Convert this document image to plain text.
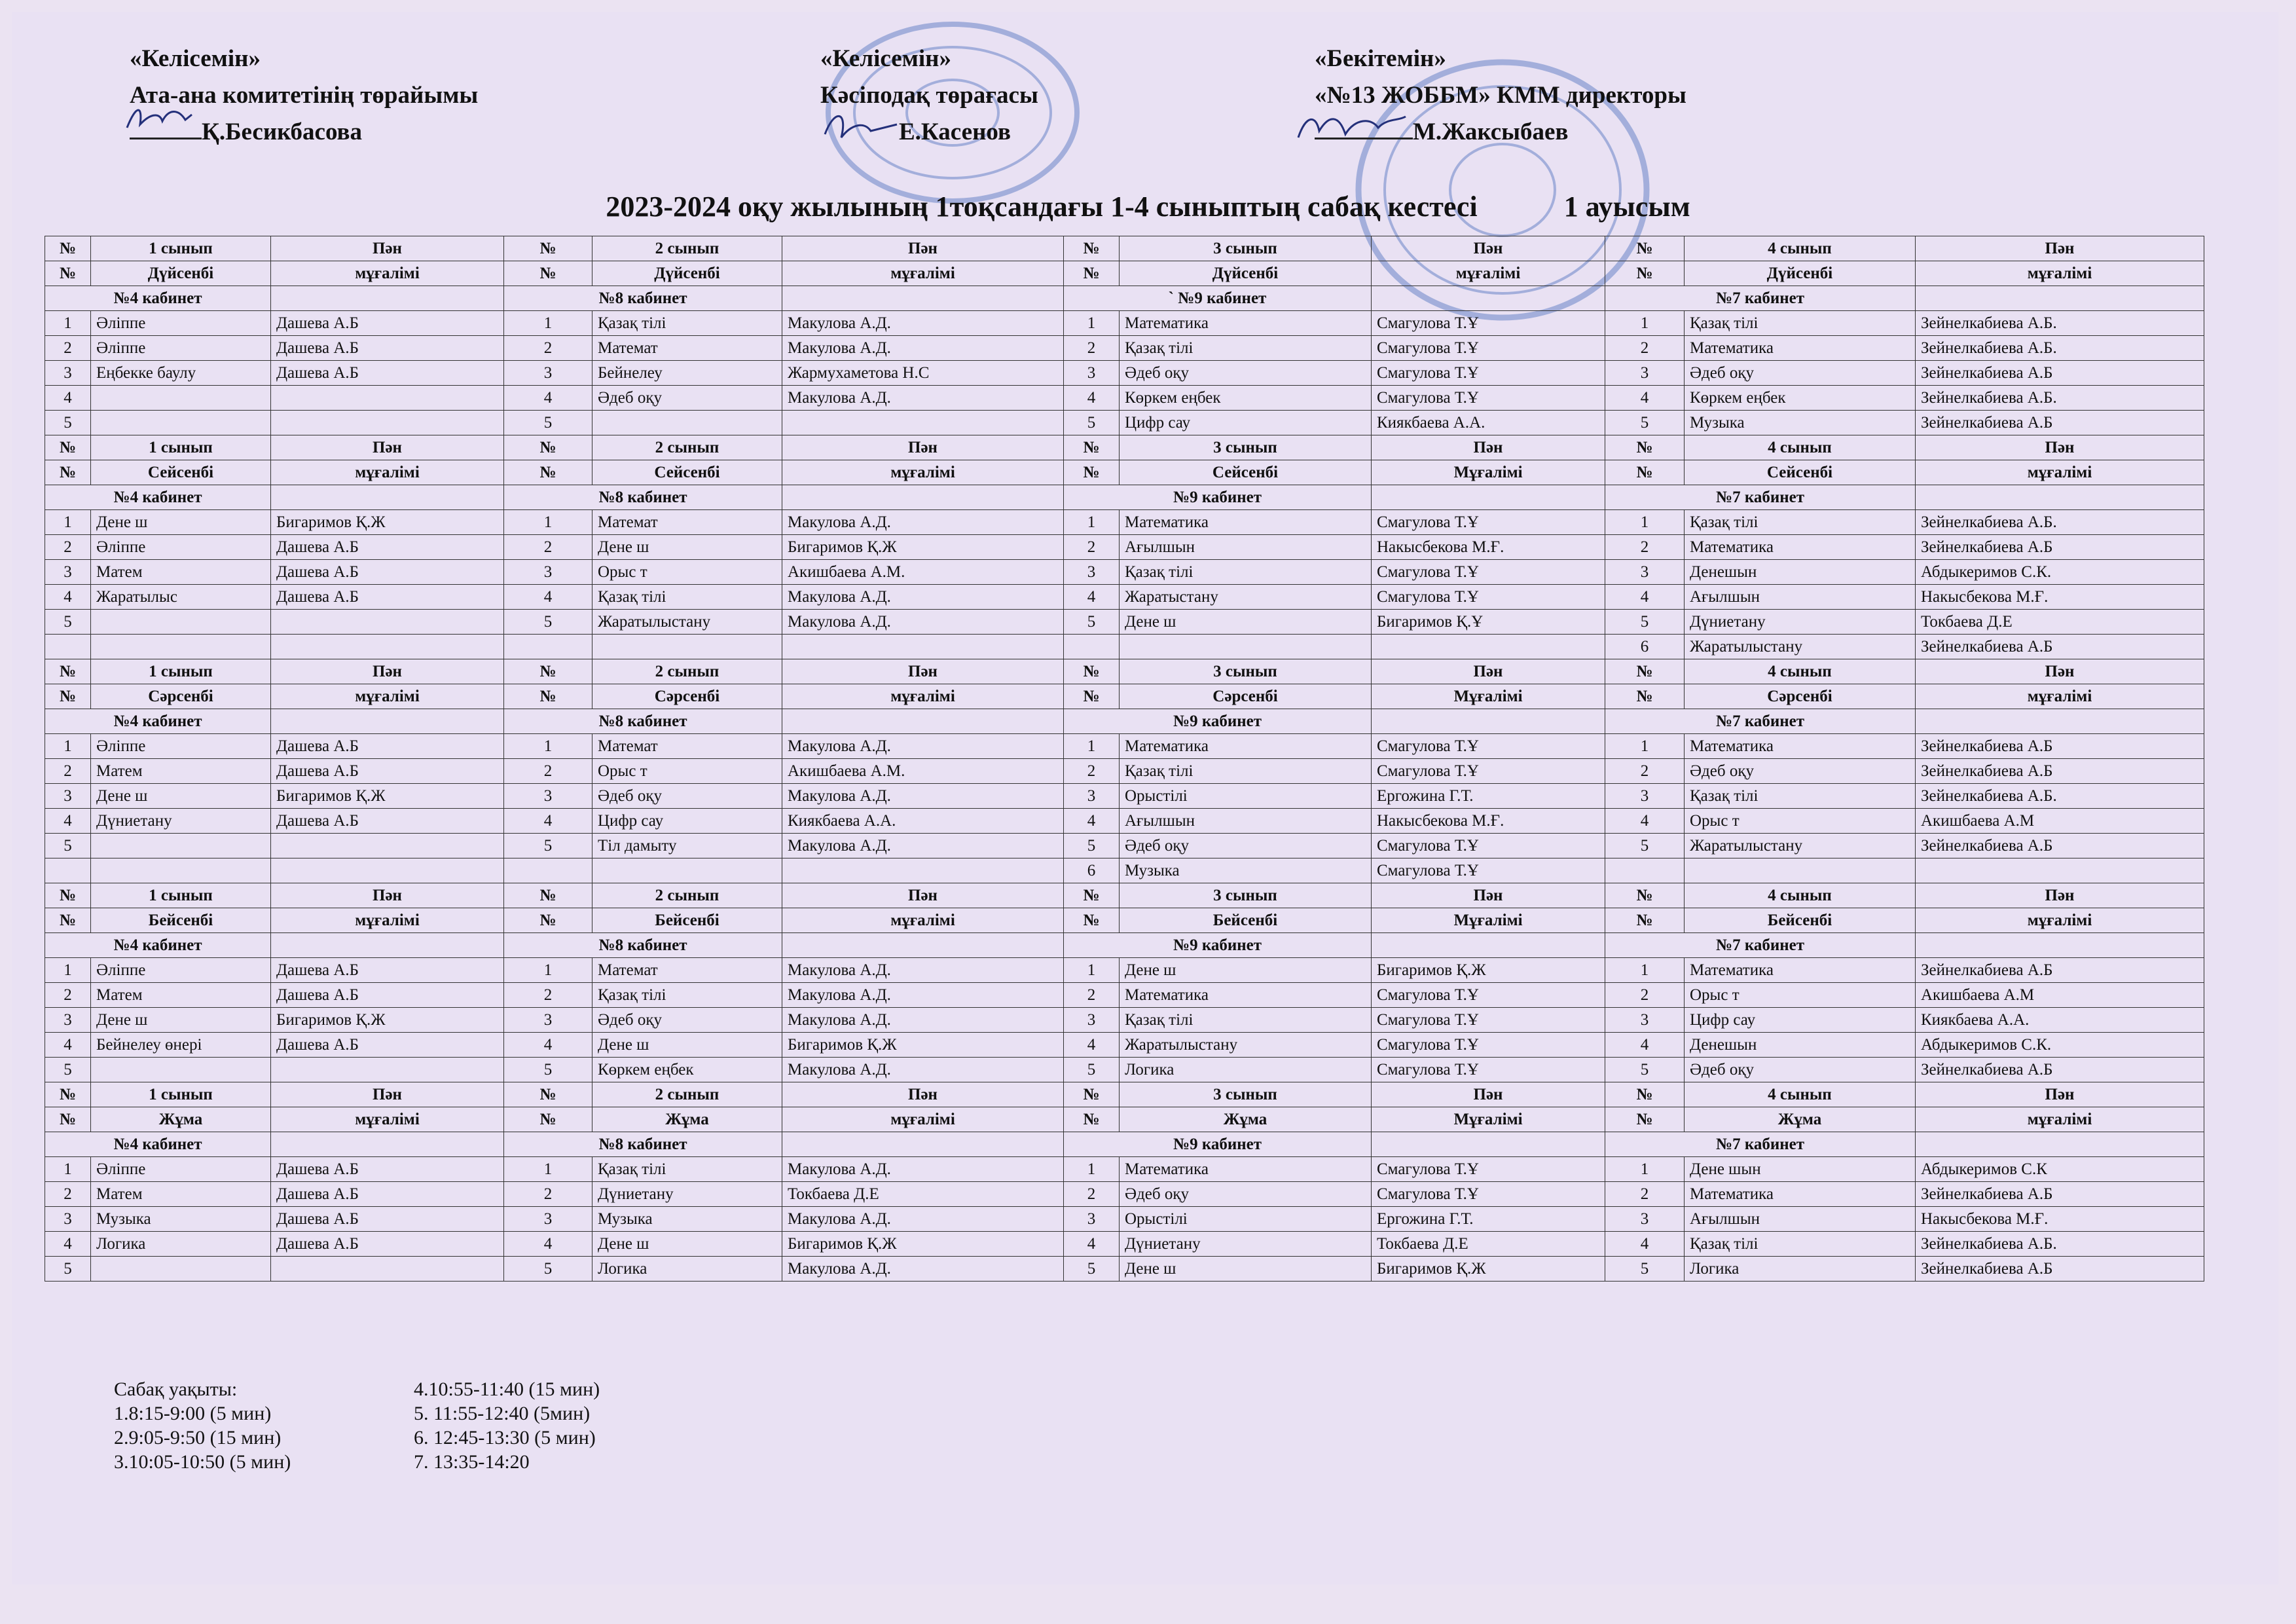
«Келісемін»
Ата-ана комитетінің төрайымы
Қ.Бесикбасова
«Келісемін»
Кәсіподақ төрағасы
Е.Касенов
«Бекітемін»
«№13 ЖОББМ» КММ директоры
М.Жаксыбаев
2023-2024 оқу жылының 1тоқсандағы 1-4 сыныптың сабақ кестесі	1 ауысым
№	1 сынып	Пән	№	2 сынып	Пән	№	3 сынып	Пән	№	4 сынып	Пән
№	Дүйсенбі	мұғалімі	№	Дүйсенбі	мұғалімі	№	Дүйсенбі	мұғалімі	№	Дүйсенбі	мұғалімі
№4 кабинет			№8 кабинет			` №9 кабинет			№7 кабинет		
1	Әліппе	Дашева А.Б	1	Қазақ тілі	Макулова А.Д.	1	Математика	Смагулова Т.Ұ	1	Қазақ тілі	Зейнелкабиева А.Б.
2	Әліппе	Дашева А.Б	2	Математ	Макулова А.Д.	2	Қазақ тілі	Смагулова Т.Ұ	2	Математика	Зейнелкабиева А.Б.
3	Еңбекке баулу	Дашева А.Б	3	Бейнелеу	Жармухаметова Н.С	3	Әдеб оқу	Смагулова Т.Ұ	3	Әдеб оқу	Зейнелкабиева А.Б
4			4	Әдеб оқу	Макулова А.Д.	4	Көркем еңбек	Смагулова Т.Ұ	4	Көркем еңбек	Зейнелкабиева А.Б.
5			5			5	Цифр сау	Киякбаева А.А.	5	Музыка	Зейнелкабиева А.Б
№	1 сынып	Пән	№	2 сынып	Пән	№	3 сынып	Пән	№	4 сынып	Пән
№	Сейсенбі	мұғалімі	№	Сейсенбі	мұғалімі	№	Сейсенбі	Мұғалімі	№	Сейсенбі	мұғалімі
№4 кабинет			№8 кабинет			№9 кабинет			№7 кабинет		
1	Дене ш	Бигаримов Қ.Ж	1	Математ	Макулова А.Д.	1	Математика	Смагулова Т.Ұ	1	Қазақ тілі	Зейнелкабиева А.Б.
2	Әліппе	Дашева А.Б	2	Дене ш	Бигаримов Қ.Ж	2	Ағылшын	Накысбекова М.Ғ.	2	Математика	Зейнелкабиева А.Б
3	Матем	Дашева А.Б	3	Орыс т	Акишбаева А.М.	3	Қазақ тілі	Смагулова Т.Ұ	3	Денешын	Абдыкеримов С.К.
4	Жаратылыс	Дашева А.Б	4	Қазақ тілі	Макулова А.Д.	4	Жаратыстану	Смагулова Т.Ұ	4	Ағылшын	Накысбекова М.Ғ.
5			5	Жаратылыстану	Макулова А.Д.	5	Дене ш	Бигаримов Қ.Ұ	5	Дүниетану	Токбаева Д.Е
									6	Жаратылыстану	Зейнелкабиева А.Б
№	1 сынып	Пән	№	2 сынып	Пән	№	3 сынып	Пән	№	4 сынып	Пән
№	Сәрсенбі	мұғалімі	№	Сәрсенбі	мұғалімі	№	Сәрсенбі	Мұғалімі	№	Сәрсенбі	мұғалімі
№4 кабинет			№8 кабинет			№9 кабинет			№7 кабинет		
1	Әліппе	Дашева А.Б	1	Математ	Макулова А.Д.	1	Математика	Смагулова Т.Ұ	1	Математика	Зейнелкабиева А.Б
2	Матем	Дашева А.Б	2	Орыс т	Акишбаева А.М.	2	Қазақ тілі	Смагулова Т.Ұ	2	Әдеб оқу	Зейнелкабиева А.Б
3	Дене ш	Бигаримов Қ.Ж	3	Әдеб оқу	Макулова А.Д.	3	Орыстілі	Ергожина Г.Т.	3	Қазақ тілі	Зейнелкабиева А.Б.
4	Дүниетану	Дашева А.Б	4	Цифр сау	Киякбаева А.А.	4	Ағылшын	Накысбекова М.Ғ.	4	Орыс т	Акишбаева А.М
5			5	Тіл дамыту	Макулова А.Д.	5	Әдеб оқу	Смагулова Т.Ұ	5	Жаратылыстану	Зейнелкабиева А.Б
						6	Музыка	Смагулова Т.Ұ			
№	1 сынып	Пән	№	2 сынып	Пән	№	3 сынып	Пән	№	4 сынып	Пән
№	Бейсенбі	мұғалімі	№	Бейсенбі	мұғалімі	№	Бейсенбі	Мұғалімі	№	Бейсенбі	мұғалімі
№4 кабинет			№8 кабинет			№9 кабинет			№7 кабинет		
1	Әліппе	Дашева А.Б	1	Математ	Макулова А.Д.	1	Дене ш	Бигаримов Қ.Ж	1	Математика	Зейнелкабиева А.Б
2	Матем	Дашева А.Б	2	Қазақ тілі	Макулова А.Д.	2	Математика	Смагулова Т.Ұ	2	Орыс т	Акишбаева А.М
3	Дене ш	Бигаримов Қ.Ж	3	Әдеб оқу	Макулова А.Д.	3	Қазақ тілі	Смагулова Т.Ұ	3	Цифр сау	Киякбаева А.А.
4	Бейнелеу өнері	Дашева А.Б	4	Дене ш	Бигаримов Қ.Ж	4	Жаратылыстану	Смагулова Т.Ұ	4	Денешын	Абдыкеримов С.К.
5			5	Көркем еңбек	Макулова А.Д.	5	Логика	Смагулова Т.Ұ	5	Әдеб оқу	Зейнелкабиева А.Б
№	1 сынып	Пән	№	2 сынып	Пән	№	3 сынып	Пән	№	4 сынып	Пән
№	Жұма	мұғалімі	№	Жұма	мұғалімі	№	Жұма	Мұғалімі	№	Жұма	мұғалімі
№4 кабинет			№8 кабинет			№9 кабинет			№7 кабинет		
1	Әліппе	Дашева А.Б	1	Қазақ тілі	Макулова А.Д.	1	Математика	Смагулова Т.Ұ	1	Дене шын	Абдыкеримов С.К
2	Матем	Дашева А.Б	2	Дүниетану	Токбаева Д.Е	2	Әдеб оқу	Смагулова Т.Ұ	2	Математика	Зейнелкабиева А.Б
3	Музыка	Дашева А.Б	3	Музыка	Макулова А.Д.	3	Орыстілі	Ергожина Г.Т.	3	Ағылшын	Накысбекова М.Ғ.
4	Логика	Дашева А.Б	4	Дене ш	Бигаримов Қ.Ж	4	Дүниетану	Токбаева Д.Е	4	Қазақ тілі	Зейнелкабиева А.Б.
5			5	Логика	Макулова А.Д.	5	Дене ш	Бигаримов Қ.Ж	5	Логика	Зейнелкабиева А.Б
Сабақ уақыты:
1.8:15-9:00 (5 мин)
2.9:05-9:50 (15 мин)
3.10:05-10:50 (5 мин)
4.10:55-11:40 (15 мин)
5. 11:55-12:40 (5мин)
6. 12:45-13:30 (5 мин)
7. 13:35-14:20
